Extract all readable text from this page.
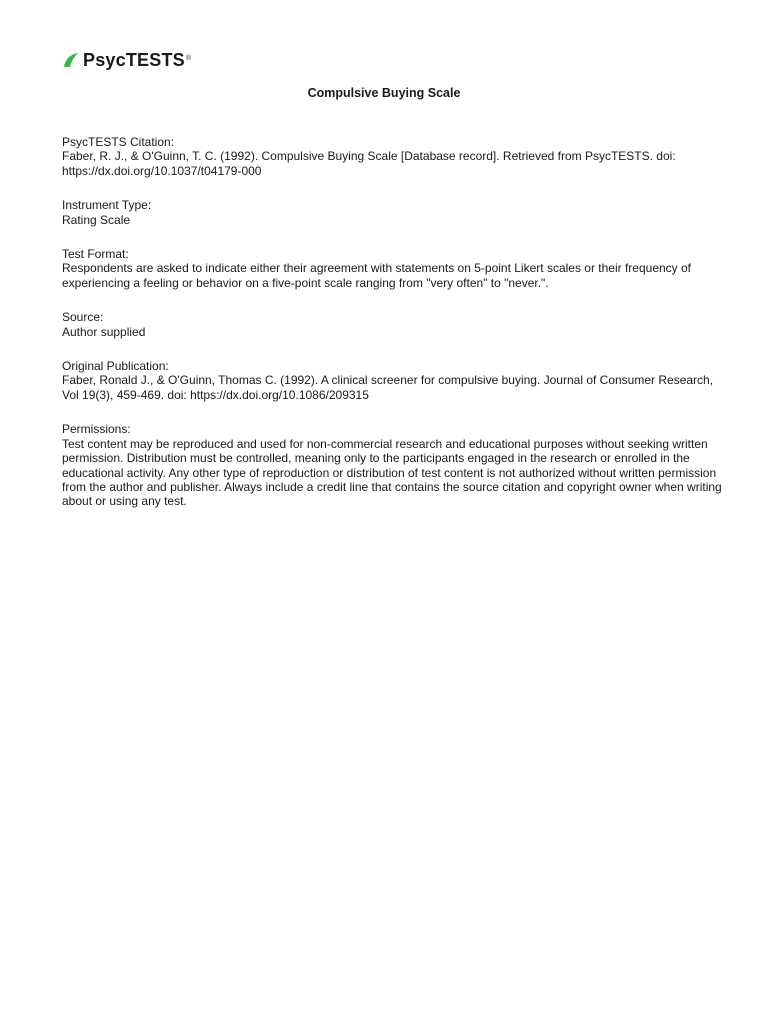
PsycTESTS ®
Compulsive Buying Scale
PsycTESTS Citation:
Faber, R. J., & O'Guinn, T. C. (1992). Compulsive Buying Scale [Database record]. Retrieved from PsycTESTS. doi: https://dx.doi.org/10.1037/t04179-000
Instrument Type:
Rating Scale
Test Format:
Respondents are asked to indicate either their agreement with statements on 5-point Likert scales or their frequency of experiencing a feeling or behavior on a five-point scale ranging from "very often" to "never.".
Source:
Author supplied
Original Publication:
Faber, Ronald J., & O'Guinn, Thomas C. (1992). A clinical screener for compulsive buying. Journal of Consumer Research, Vol 19(3), 459-469. doi: https://dx.doi.org/10.1086/209315
Permissions:
Test content may be reproduced and used for non-commercial research and educational purposes without seeking written permission. Distribution must be controlled, meaning only to the participants engaged in the research or enrolled in the educational activity. Any other type of reproduction or distribution of test content is not authorized without written permission from the author and publisher. Always include a credit line that contains the source citation and copyright owner when writing about or using any test.
